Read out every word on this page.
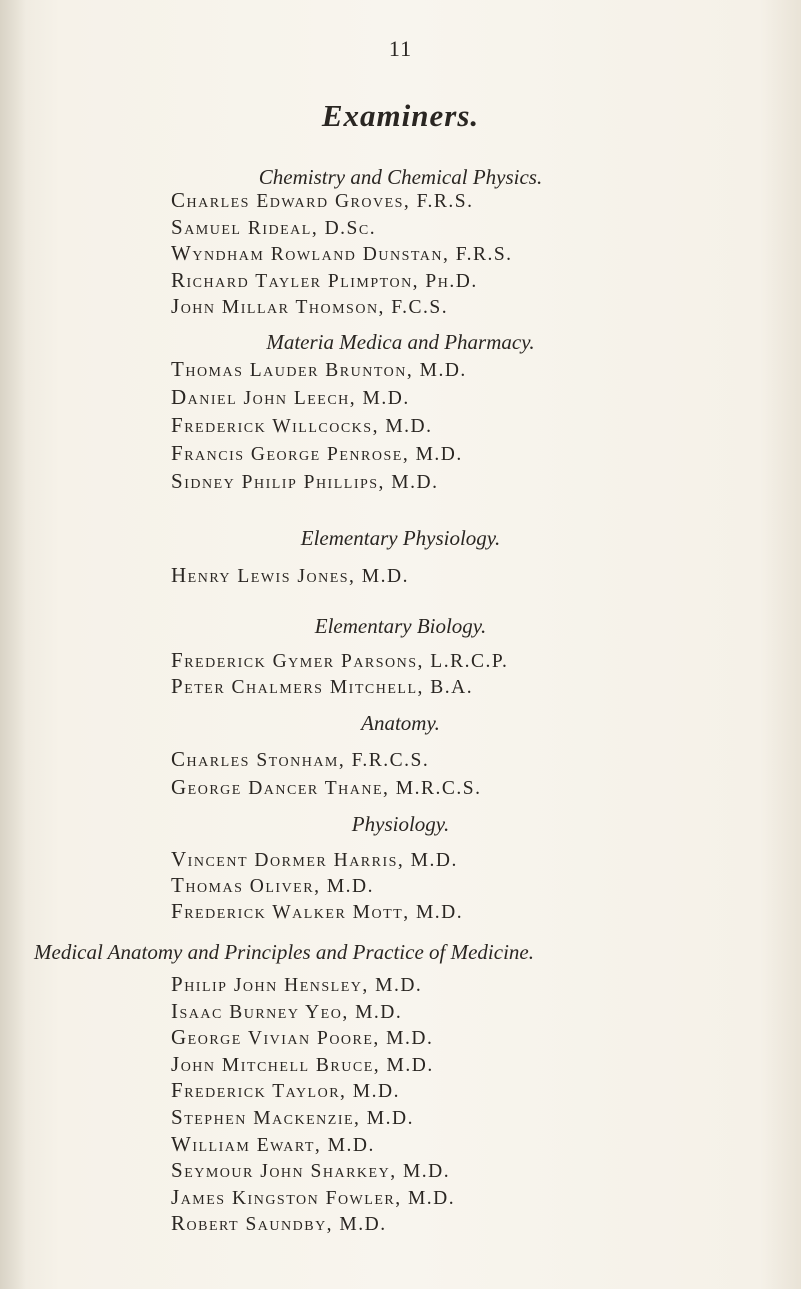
11
Examiners.
Chemistry and Chemical Physics.
Charles Edward Groves, F.R.S.
Samuel Rideal, D.Sc.
Wyndham Rowland Dunstan, F.R.S.
Richard Tayler Plimpton, Ph.D.
John Millar Thomson, F.C.S.
Materia Medica and Pharmacy.
Thomas Lauder Brunton, M.D.
Daniel John Leech, M.D.
Frederick Willcocks, M.D.
Francis George Penrose, M.D.
Sidney Philip Phillips, M.D.
Elementary Physiology.
Henry Lewis Jones, M.D.
Elementary Biology.
Frederick Gymer Parsons, L.R.C.P.
Peter Chalmers Mitchell, B.A.
Anatomy.
Charles Stonham, F.R.C.S.
George Dancer Thane, M.R.C.S.
Physiology.
Vincent Dormer Harris, M.D.
Thomas Oliver, M.D.
Frederick Walker Mott, M.D.
Medical Anatomy and Principles and Practice of Medicine.
Philip John Hensley, M.D.
Isaac Burney Yeo, M.D.
George Vivian Poore, M.D.
John Mitchell Bruce, M.D.
Frederick Taylor, M.D.
Stephen Mackenzie, M.D.
William Ewart, M.D.
Seymour John Sharkey, M.D.
James Kingston Fowler, M.D.
Robert Saundby, M.D.
